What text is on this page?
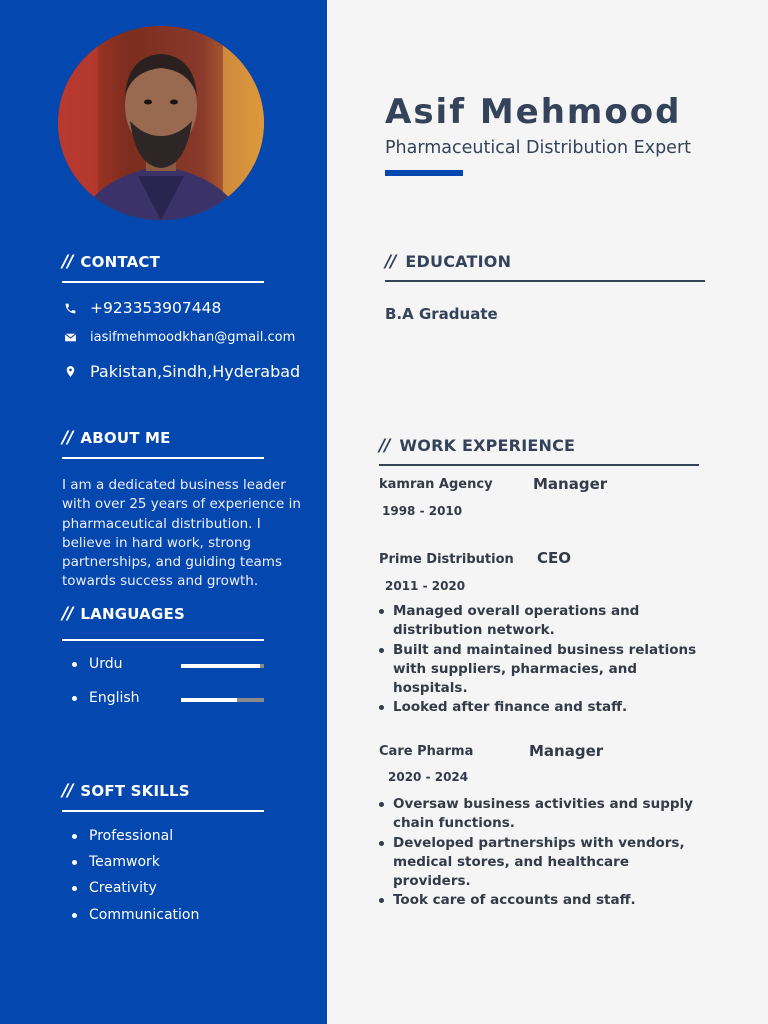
// CONTACT
+923353907448
iasifmehmoodkhan@gmail.com
Pakistan,Sindh,Hyderabad
// ABOUT ME
I am a dedicated business leader with over 25 years of experience in pharmaceutical distribution. I believe in hard work, strong partnerships, and guiding teams towards success and growth.
// LANGUAGES
Urdu
English
// SOFT SKILLS
Professional
Teamwork
Creativity
Communication
Asif Mehmood
Pharmaceutical Distribution Expert
// EDUCATION
B.A Graduate
// WORK EXPERIENCE
kamran Agency	Manager
1998 - 2010
Prime Distribution CEO
2011 - 2020
Managed overall operations and distribution network.
Built and maintained business relations with suppliers, pharmacies, and hospitals.
Looked after finance and staff.
Care Pharma	Manager
2020 - 2024
Oversaw business activities and supply chain functions.
Developed partnerships with vendors, medical stores, and healthcare providers.
Took care of accounts and staff.
